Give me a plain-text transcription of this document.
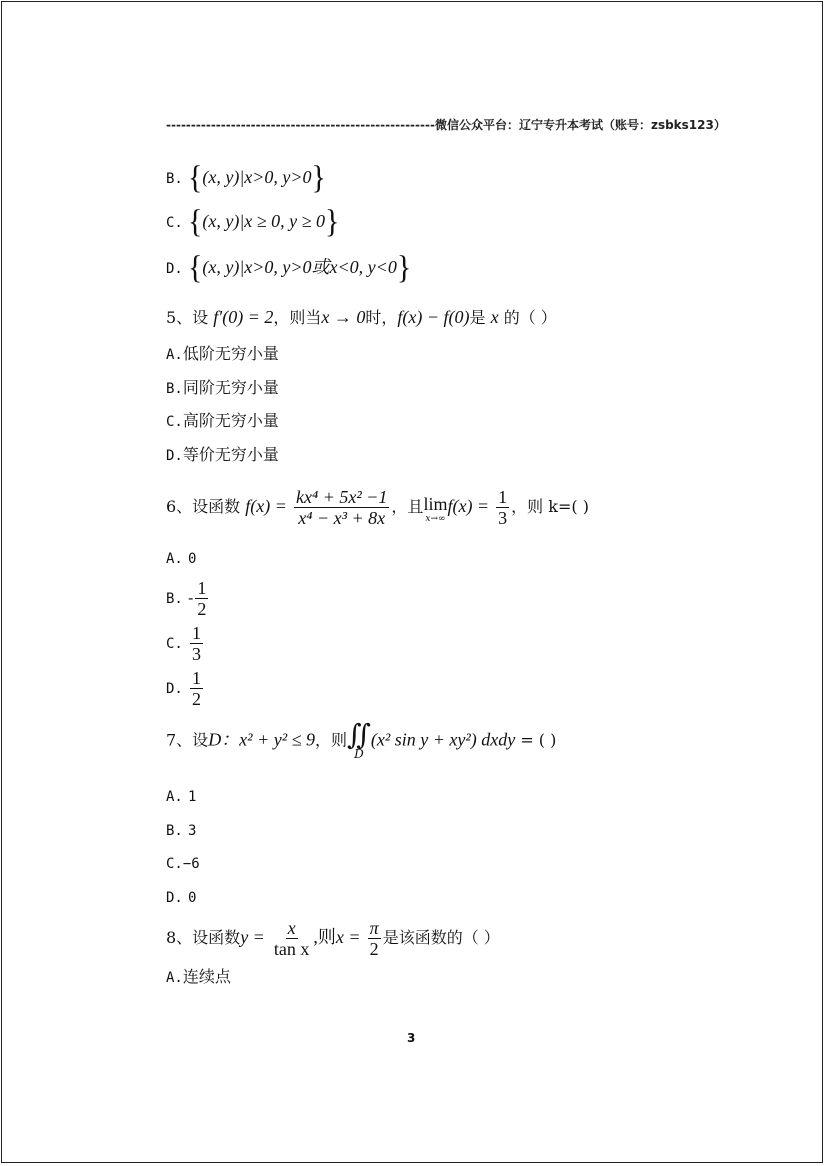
------------------------------------------------------微信公众平台：辽宁专升本考试（账号：zsbks123）
B. {(x, y)|x>0, y>0}
C. {(x, y)|x ≥ 0, y ≥ 0}
D. {(x, y)|x>0, y>0或x<0, y<0}
5、设 f′(0) = 2，则当x → 0时，f(x) − f(0)是 x 的（ ）
A.低阶无穷小量
B.同阶无穷小量
C.高阶无穷小量
D.等价无穷小量
6、设函数 $f(x) = \frac{\text{kx⁴ + 5x² −1}}{\text{x⁴ − x³ + 8x}}$ ，且 lim
x→∞
$f(x) = \frac{1}{3}$ ，则 k=( )
A. 0
B. - $\frac{1}{2}$
C. $\frac{1}{3}$
D. $\frac{1}{2}$
7、设D：x² + y² ≤ 9，则 ∬
D
(x² sin y + xy²) dxdy = ( )
A. 1
B. 3
C.−6
D. 0
8、设函数$y = \frac{x}{\text{tan x}}$ ,则$x = \frac{\pi}{2}$ 是该函数的（ ）
A.连续点
3
